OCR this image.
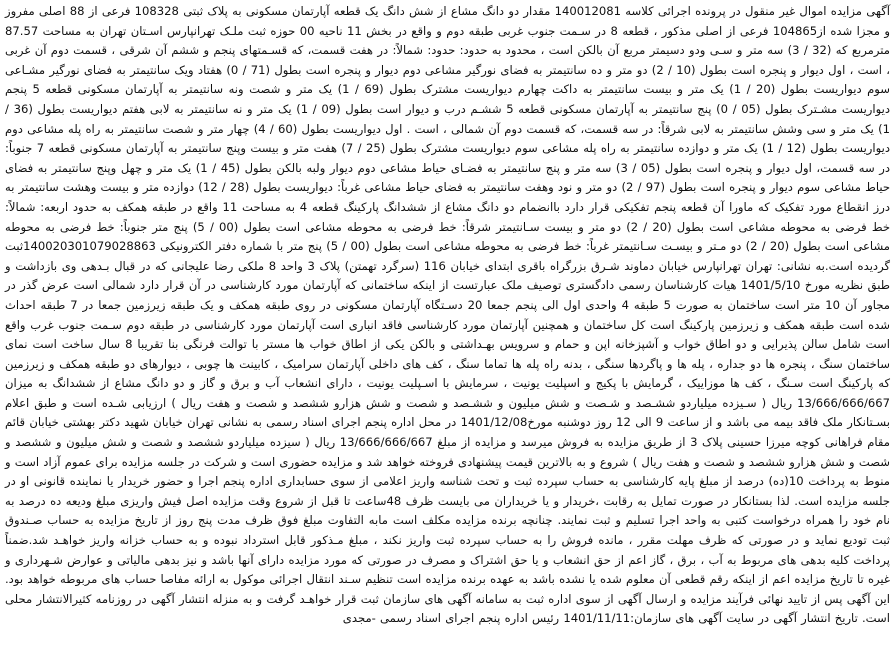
آگهی مزایده اموال غیر منقول در پرونده اجرائی کلاسه 140012081 مقدار دو دانگ مشاع از شش دانگ یک قطعه آپارتمان مسکونی به پلاک ثبتی 108328 فرعی از 88 اصلی مفروز و مجزا شده از104865 فرعی از اصلی مذکور ، قطعه 8 در سـمت جنوب غربی طبقه دوم و واقع در بخش 11 ناحیه 00 حوزه ثبت ملـک تهرانپارس اسـتان تهران به مساحت 87.57 مترمربع که (32 / 3) سه متر و سـی ودو دسیمتر مربع آن بالکن است ، محدود به حدود: حدود: شمالاً: در هفت قسمت، که قسـمتهای پنجم و ششم آن شرقی ، قسمت دوم آن غربی ، است ، اول دیوار و پنجره است بطول (10 / 2) دو متر و ده سانتیمتر به فضای نورگیر مشاعی دوم دیوار و پنجره است بطول (71 / 0) هفتاد ویک سانتیمتر به فضای نورگیر مشـاعی سوم دیواریست بطول (20 / 1) یک متر و بیست سانتیمتر به داکت چهارم دیواریست مشترک بطول (69 / 1) یک متر و شصت ونه سانتیمتر به آپارتمان مسکونی قطعه 5 پنجم دیواریست مشـترک بطول (05 / 0) پنج سانتیمتر به آپارتمان مسکونی قطعه 5 ششـم درب و دیوار است بطول (09 / 1) یک متر و نه سانتیمتر به لابی هفتم دیواریست بطول (36 / 1) یک متر و سی وشش سانتیمتر به لابی شرقاً: در سه قسمت، که قسمت دوم آن شمالی ، است . اول دیواریست بطول (60 / 4) چهار متر و شصت سانتیمتر به راه پله مشاعی دوم دیواریست بطول (12 / 1) یک متر و دوازده سانتیمتر به راه پله مشاعی سوم دیواریست مشترک بطول (25 / 7) هفت متر و بیست وپنج سانتیمتر به آپارتمان مسکونی قطعه 7 جنوباً: در سه قسمت، اول دیوار و پنجره است بطول (05 / 3) سه متر و پنج سانتیمتر به فضـای حیاط مشاعی دوم دیوار ولبه بالکن بطول (45 / 1) یک متر و چهل وپنج سانتیمتر به فضای حیاط مشاعی سوم دیوار و پنجره است بطول (97 / 2) دو متر و نود وهفت سانتیمتر به فضای حیاط مشاعی غرباً: دیواریست بطول (28 / 12) دوازده متر و بیست وهشت سانتیمتر به درز انقطاع مورد تفکیک که ماورا آن قطعه پنجم تفکیکی قرار دارد باانضمام دو دانگ مشاع از ششدانگ پارکینگ قطعه 4 به مساحت 11 واقع در طبقه همکف به حدود اربعه: شمالاً: خط فرضی به محوطه مشاعی است بطول (20 / 2) دو متر و بیست سـانتیمتر شرقاً: خط فرضی به محوطه مشاعی است بطول (00 / 5) پنج متر جنوباً: خط فرضی به محوطه مشاعی است بطول (20 / 2) دو مـتر و بیسـت سـانتیمتر غرباً: خط فرضی به محوطه مشاعی است بطول (00 / 5) پنج متر با شماره دفتر الکترونیکی 140020301079028863ثبت گردیده است.به نشانی: تهران تهرانپارس خیابان دماوند شـرق بزرگراه باقری ابتدای خیابان 116 (سرگرد تهمتن) پلاک 3 واحد 8 ملکی رضا علیجانی که در قبال بـدهی وی بازداشت و طبق نظریه مورخ 1401/5/10 هیات کارشناسان رسمی دادگستری توصیف ملک عبارتست از اینکه ساختمانی که آپارتمان مورد کارشناسی در آن قرار دارد شمالی است عرض گذر در مجاور آن 10 متر است ساختمان به صورت 5 طبقه 4 واحدی اول الی پنجم جمعا 20 دسـتگاه آپارتمان مسکونی در روی طبقه همکف و یک طبقه زیرزمین جمعا در 7 طبقه احداث شده است طبقه همکف و زیرزمین پارکینگ است کل ساختمان و همچنین آپارتمان مورد کارشناسی فاقد انباری است آپارتمان مورد کارشناسی در طبقه دوم سـمت جنوب غرب واقع است شامل سالن پذیرایی و دو اطاق خواب و آشپزخانه اپن و حمام و سرویس بهـداشتی و بالکن یکی از اطاق خواب ها مستر با توالت فرنگی بنا تقریبا 8 سال ساخت است نمای ساختمان سنگ ، پنجره ها دو جداره ، پله ها و پاگردها سنگی ، بدنه راه پله ها تماما سنگ ، کف های داخلی آپارتمان سرامیک ، کابینت ها چوبی ، دیوارهای دو طبقه همکف و زیرزمین که پارکینگ است سـنگ ، کف ها موزاییک ، گرمایش با پکیج و اسپلیت یونیت ، سرمایش با اسـپلیت یونیت ، دارای انشعاب آب و برق و گاز و دو دانگ مشاع از ششدانگ به میزان 13/666/666/667 ریال ( سـیزده میلیاردو ششـصد و شـصت و شش میلیون و ششـصد و شصت و شش هزارو ششصد و شصت و هفت ریال ) ارزیابی شـده است و طبق اعلام بسـتانکار ملک فاقد بیمه می باشد و از ساعت 9 الی 12 روز دوشنبه مورخ1401/12/08 در محل اداره پنجم اجرای اسناد رسمی به نشانی تهران خیابان شهید دکتر بهشتی خیابان قائم مقام فراهانی کوچه میرزا حسینی پلاک 3 از طریق مزایده به فروش میرسد و مزایده از مبلغ 13/666/666/667 ریال ( سیزده میلیاردو ششصد و شصت و شش میلیون و ششصد و شصت و شش هزارو ششصد و شصت و هفت ریال ) شروع و به بالاترین قیمت پیشنهادی فروخته خواهد شد و مزایده حضوری است و شرکت در جلسه مزایده برای عموم آزاد است و منوط به پرداخت 10(ده) درصد از مبلغ پایه کارشناسی به حساب سپرده ثبت و تحت شناسه واریز اعلامی از سوی حسابداری اداره پنجم اجرا و حضور خریدار یا نماینده قانونی او در جلسه مزایده است. لذا بستانکار در صورت تمایل به رقابت ،خریدار و یا خریداران می بایست ظرف 48ساعت تا قبل از شروع وقت مزایده اصل فیش واریزی مبلغ ودیعه ده درصد به نام خود را همراه درخواست کتبی به واحد اجرا تسلیم و ثبت نمایند. چنانچه برنده مزایده مکلف است مابه التفاوت مبلغ فوق ظرف مدت پنج روز از تاریخ مزایده به حساب صـندوق ثبت تودیع نماید و در صورتی که ظرف مهلت مقرر ، مانده فروش را به حساب سپرده ثبت واریز نکند ، مبلغ مـذکور قابل استرداد نبوده و به حساب خزانه واریز خواهـد شد.ضمناً پرداخت کلیه بدهی های مربوط به آب ، برق ، گاز اعم از حق انشعاب و یا حق اشتراک و مصرف در صورتی که مورد مزایده دارای آنها باشد و نیز بدهی مالیاتی و عوارض شـهرداری و غیره تا تاریخ مزایده اعم از اینکه رقم قطعی آن معلوم شده یا نشده باشد به عهده برنده مزایده است تنظیم سـند انتقال اجرائی موکول به ارائه مفاصا حساب های مربوطه خواهد بود. این آگهی پس از تایید نهائی فرآیند مزایده و ارسال آگهی از سوی اداره ثبت به سامانه آگهی های سازمان ثبت قرار خواهـد گرفت و به منزله انتشار آگهی در روزنامه کثیرالانتشار محلی است. تاریخ انتشار آگهی در سایت آگهی های سازمان:1401/11/11 رئیس اداره پنجم اجرای اسناد رسمی -مجدی
